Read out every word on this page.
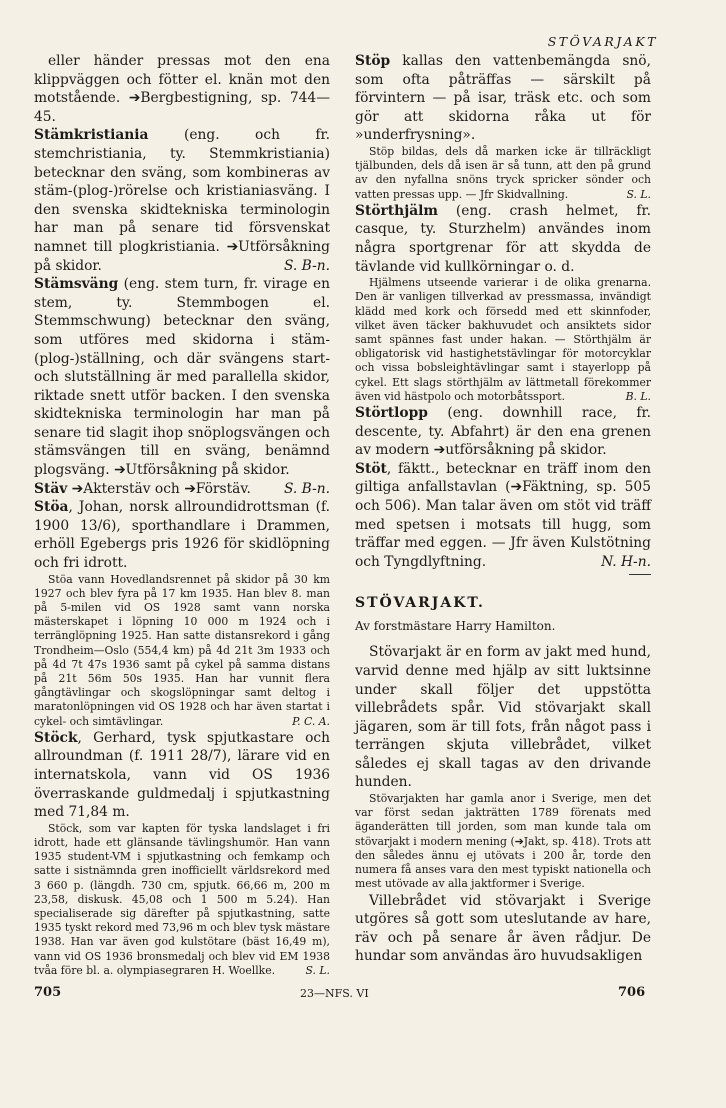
STÖVARJAKT

eller händer pressas mot den ena klippväggen och fötter el. knän mot den motstående. ➔Bergbestigning, sp. 744—45.

Stämkristiania (eng. och fr. stemchristiania, ty. Stemmkristiania) betecknar den sväng, som kombineras av stäm-(plog-)rörelse och kristianiasväng. I den svenska skidtekniska terminologin har man på senare tid försvenskat namnet till plogkristiania. ➔Utförsåkning på skidor.	S. B-n.

Stämsväng (eng. stem turn, fr. virage en stem, ty. Stemmbogen el. Stemmschwung) betecknar den sväng, som utföres med skidorna i stäm-(plog-)ställning, och där svängens start- och slutställning är med parallella skidor, riktade snett utför backen. I den svenska skidtekniska terminologin har man på senare tid slagit ihop snöplogsvängen och stämsvängen till en sväng, benämnd plogsväng. ➔Utförsåkning på skidor.
S. B-n.

Stäv ➔Akterstäv och ➔Förstäv.

Stöa, Johan, norsk allroundidrottsman (f. 1900 13/6), sporthandlare i Drammen, erhöll Egebergs pris 1926 för skidlöpning och fri idrott.

Stöa vann Hovedlandsrennet på skidor på 30 km 1927 och blev fyra på 17 km 1935. Han blev 8. man på 5-milen vid OS 1928 samt vann norska mästerskapet i löpning 10 000 m 1924 och i terränglöpning 1925. Han satte distansrekord i gång Trondheim—Oslo (554,4 km) på 4d 21t 3m 1933 och på 4d 7t 47s 1936 samt på cykel på samma distans på 21t 56m 50s 1935. Han har vunnit flera gångtävlingar och skogslöpningar samt deltog i maratonlöpningen vid OS 1928 och har även startat i cykel- och simtävlingar.	P. C. A.

Stöck, Gerhard, tysk spjutkastare och allroundman (f. 1911 28/7), lärare vid en internatskola, vann vid OS 1936 överraskande guldmedalj i spjutkastning med 71,84 m.

Stöck, som var kapten för tyska landslaget i fri idrott, hade ett glänsande tävlingshumör. Han vann 1935 student-VM i spjutkastning och femkamp och satte i sistnämnda gren inofficiellt världsrekord med 3 660 p. (längdh. 730 cm, spjutk. 66,66 m, 200 m 23,58, diskusk. 45,08 och 1 500 m 5.24). Han specialiserade sig därefter på spjutkastning, satte 1935 tyskt rekord med 73,96 m och blev tysk mästare 1938. Han var även god kulstötare (bäst 16,49 m), vann vid OS 1936 bronsmedalj och blev vid EM 1938 tvåa före bl. a. olympiasegraren H. Woellke.	S. L.

Stöp kallas den vattenbemängda snö, som ofta påträffas — särskilt på förvintern — på isar, träsk etc. och som gör att skidorna råka ut för »underfrysning».

Stöp bildas, dels då marken icke är tillräckligt tjälbunden, dels då isen är så tunn, att den på grund av den nyfallna snöns tryck spricker sönder och vatten pressas upp. — Jfr Skidvallning.	S. L.

Störthjälm (eng. crash helmet, fr. casque, ty. Sturzhelm) användes inom några sportgrenar för att skydda de tävlande vid kullkörningar o. d.

Hjälmens utseende varierar i de olika grenarna. Den är vanligen tillverkad av pressmassa, invändigt klädd med kork och försedd med ett skinnfoder, vilket även täcker bakhuvudet och ansiktets sidor samt spännes fast under hakan. — Störthjälm är obligatorisk vid hastighetstävlingar för motorcyklar och vissa bobsleightävlingar samt i stayerlopp på cykel. Ett slags störthjälm av lättmetall förekommer även vid hästpolo och motorbåtssport.	B. L.

Störtlopp (eng. downhill race, fr. descente, ty. Abfahrt) är den ena grenen av modern ➔utförsåkning på skidor.

Stöt, fäktt., betecknar en träff inom den giltiga anfallstavlan (➔Fäktning, sp. 505 och 506). Man talar även om stöt vid träff med spetsen i motsats till hugg, som träffar med eggen. — Jfr även Kulstötning och Tyngdlyftning.	N. H-n.

STÖVARJAKT.
Av forstmästare Harry Hamilton.

Stövarjakt är en form av jakt med hund, varvid denne med hjälp av sitt luktsinne under skall följer det uppstötta villebrådets spår. Vid stövarjakt skall jägaren, som är till fots, från något pass i terrängen skjuta villebrådet, vilket således ej skall tagas av den drivande hunden.

Stövarjakten har gamla anor i Sverige, men det var först sedan jakträtten 1789 förenats med äganderätten till jorden, som man kunde tala om stövarjakt i modern mening (➔Jakt, sp. 418). Trots att den således ännu ej utövats i 200 år, torde den numera få anses vara den mest typiskt nationella och mest utövade av alla jaktformer i Sverige.

Villebrådet vid stövarjakt i Sverige utgöres så gott som uteslutande av hare, räv och på senare år även rådjur. De hundar som användas äro huvudsakligen

705	23—NFS. VI	706
